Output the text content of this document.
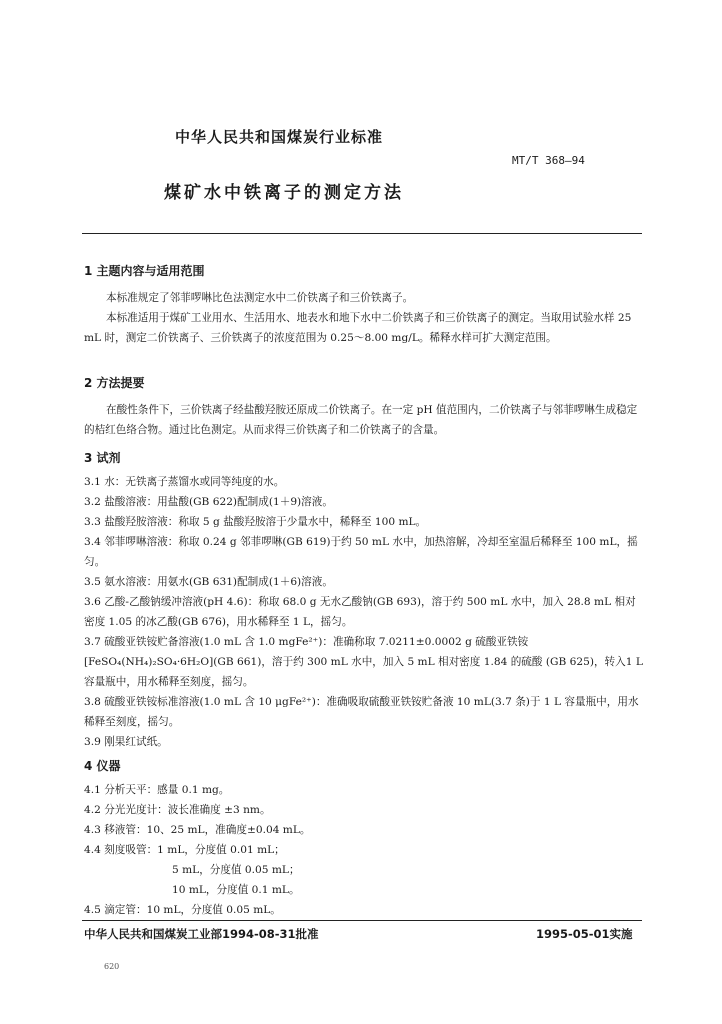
中华人民共和国煤炭行业标准
MT/T 368—94
煤矿水中铁离子的测定方法
1 主题内容与适用范围

本标准规定了邻菲啰啉比色法测定水中二价铁离子和三价铁离子。

本标准适用于煤矿工业用水、生活用水、地表水和地下水中二价铁离子和三价铁离子的测定。当取用试验水样 25 mL 时，测定二价铁离子、三价铁离子的浓度范围为 0.25～8.00 mg/L。稀释水样可扩大测定范围。

2 方法提要

在酸性条件下，三价铁离子经盐酸羟胺还原成二价铁离子。在一定 pH 值范围内，二价铁离子与邻菲啰啉生成稳定的桔红色络合物。通过比色测定。从而求得三价铁离子和二价铁离子的含量。

3 试剂

3.1 水：无铁离子蒸馏水或同等纯度的水。

3.2 盐酸溶液：用盐酸(GB 622)配制成(1＋9)溶液。

3.3 盐酸羟胺溶液：称取 5 g 盐酸羟胺溶于少量水中，稀释至 100 mL。

3.4 邻菲啰啉溶液：称取 0.24 g 邻菲啰啉(GB 619)于约 50 mL 水中，加热溶解，冷却至室温后稀释至 100 mL，摇匀。

3.5 氨水溶液：用氨水(GB 631)配制成(1＋6)溶液。

3.6 乙酸-乙酸钠缓冲溶液(pH 4.6)：称取 68.0 g 无水乙酸钠(GB 693)，溶于约 500 mL 水中，加入 28.8 mL 相对密度 1.05 的冰乙酸(GB 676)，用水稀释至 1 L，摇匀。

3.7 硫酸亚铁铵贮备溶液(1.0 mL 含 1.0 mgFe²⁺)：准确称取 7.0211±0.0002 g 硫酸亚铁铵 [FeSO₄(NH₄)₂SO₄·6H₂O](GB 661)，溶于约 300 mL 水中，加入 5 mL 相对密度 1.84 的硫酸 (GB 625)，转入1 L容量瓶中，用水稀释至刻度，摇匀。

3.8 硫酸亚铁铵标准溶液(1.0 mL 含 10 μgFe²⁺)：准确吸取硫酸亚铁铵贮备液 10 mL(3.7 条)于 1 L 容量瓶中，用水稀释至刻度，摇匀。

3.9 刚果红试纸。

4 仪器

4.1 分析天平：感量 0.1 mg。

4.2 分光光度计：波长准确度 ±3 nm。

4.3 移液管：10、25 mL，准确度±0.04 mL。

4.4 刻度吸管：1 mL，分度值 0.01 mL；

5 mL，分度值 0.05 mL；

10 mL，分度值 0.1 mL。

4.5 滴定管：10 mL，分度值 0.05 mL。

中华人民共和国煤炭工业部1994-08-31批准	1995-05-01实施
620
